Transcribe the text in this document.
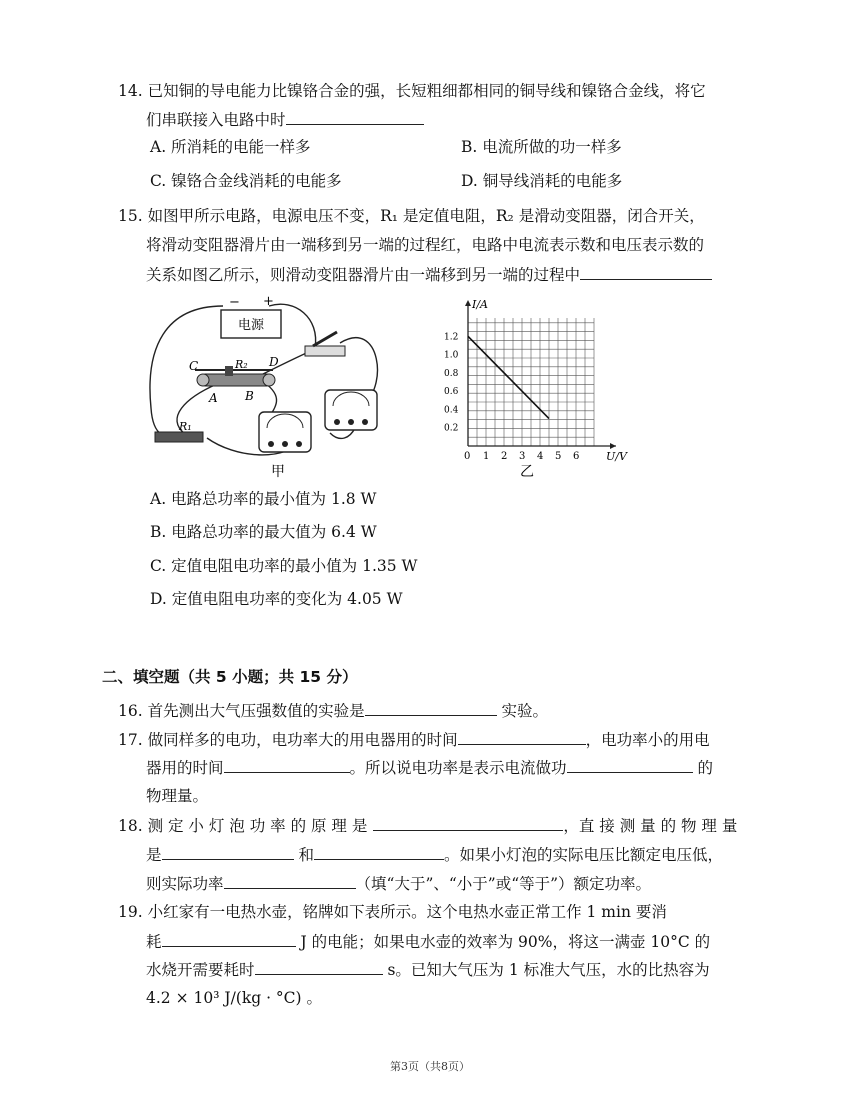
14. 已知铜的导电能力比镍铬合金的强，长短粗细都相同的铜导线和镍铬合金线，将它
们串联接入电路中时
A. 所消耗的电能一样多	B. 电流所做的功一样多
C. 镍铬合金线消耗的电能多	D. 铜导线消耗的电能多
15. 如图甲所示电路，电源电压不变，R₁ 是定值电阻，R₂ 是滑动变阻器，闭合开关，
将滑动变阻器滑片由一端移到另一端的过程红，电路中电流表示数和电压表示数的
关系如图乙所示，则滑动变阻器滑片由一端移到另一端的过程中
电源
− +
C	R₂ D
A B
R₁
甲
I/A
U/V
0 1 2 3 4 5 6
0.2
0.4
0.6
0.8
1.0
1.2
乙
A. 电路总功率的最小值为 1.8 W
B. 电路总功率的最大值为 6.4 W
C. 定值电阻电功率的最小值为 1.35 W
D. 定值电阻电功率的变化为 4.05 W
二、填空题（共 5 小题；共 15 分）
16. 首先测出大气压强数值的实验是	实验。
17. 做同样多的电功，电功率大的用电器用的时间	，电功率小的用电
器用的时间	。所以说电功率是表示电流做功	的
物理量。
18. 测 定 小 灯 泡 功 率 的 原 理 是	，直 接 测 量 的 物 理 量
是	和	。如果小灯泡的实际电压比额定电压低，
则实际功率	（填“大于”、“小于”或“等于”）额定功率。
19. 小红家有一电热水壶，铭牌如下表所示。这个电热水壶正常工作 1 min 要消
耗	J 的电能；如果电水壶的效率为 90%，将这一满壶 10°C 的
水烧开需要耗时	s。已知大气压为 1 标准大气压，水的比热容为
4.2 × 10³ J/(kg · °C) 。
第3页（共8页）
